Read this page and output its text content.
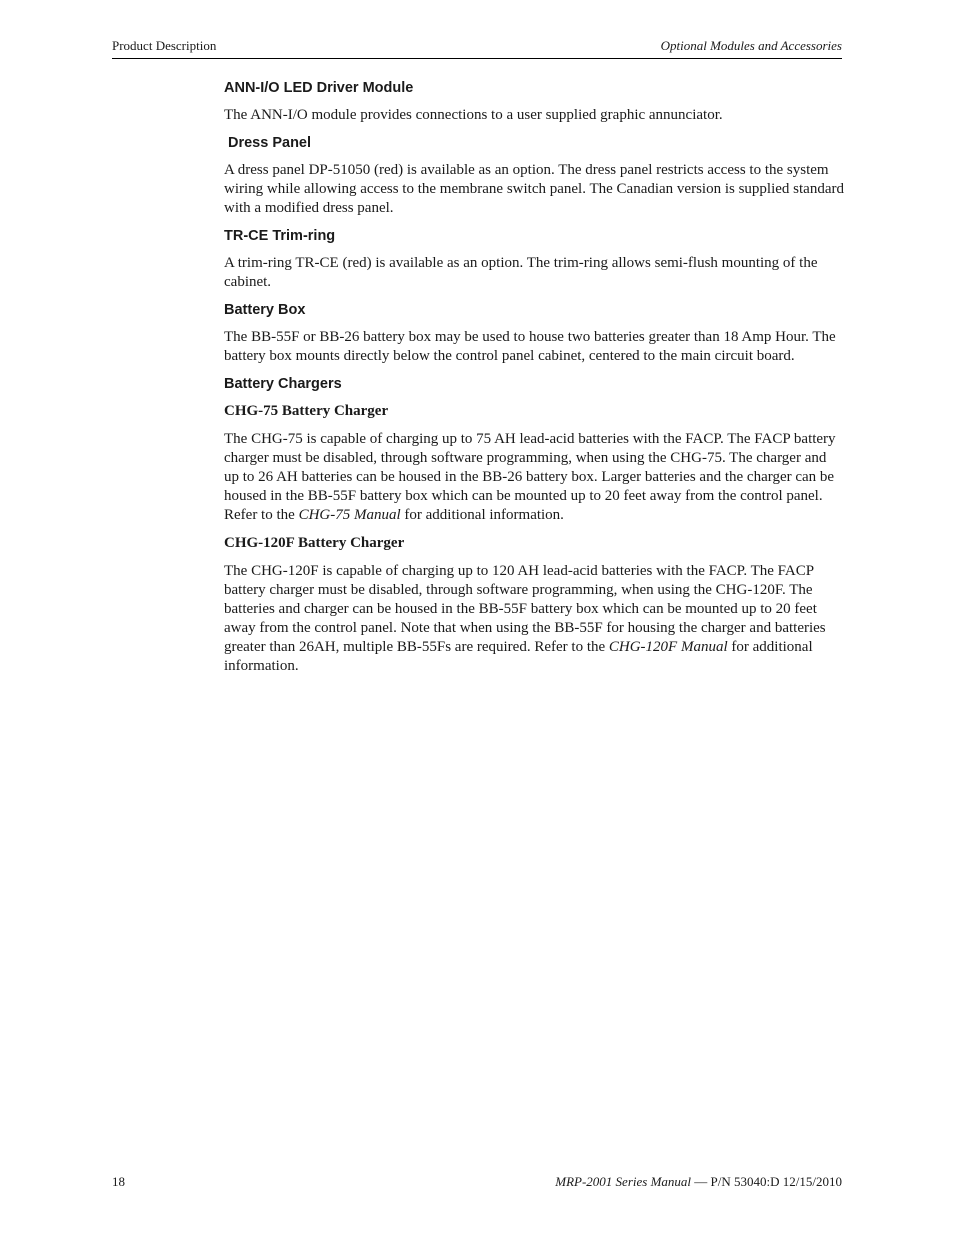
Product Description	Optional Modules and Accessories
ANN-I/O LED Driver Module

The ANN-I/O module provides connections to a user supplied graphic annunciator.

Dress Panel

A dress panel DP-51050 (red) is available as an option. The dress panel restricts access to the system wiring while allowing access to the membrane switch panel. The Canadian version is supplied standard with a modified dress panel.

TR-CE Trim-ring

A trim-ring TR-CE (red) is available as an option. The trim-ring allows semi-flush mounting of the cabinet.

Battery Box

The BB-55F or BB-26 battery box may be used to house two batteries greater than 18 Amp Hour. The battery box mounts directly below the control panel cabinet, centered to the main circuit board.

Battery Chargers
CHG-75 Battery Charger

The CHG-75 is capable of charging up to 75 AH lead-acid batteries with the FACP. The FACP battery charger must be disabled, through software programming, when using the CHG-75. The charger and up to 26 AH batteries can be housed in the BB-26 battery box. Larger batteries and the charger can be housed in the BB-55F battery box which can be mounted up to 20 feet away from the control panel. Refer to the CHG-75 Manual for additional information.

CHG-120F Battery Charger

The CHG-120F is capable of charging up to 120 AH lead-acid batteries with the FACP. The FACP battery charger must be disabled, through software programming, when using the CHG-120F. The batteries and charger can be housed in the BB-55F battery box which can be mounted up to 20 feet away from the control panel. Note that when using the BB-55F for housing the charger and batteries greater than 26AH, multiple BB-55Fs are required. Refer to the CHG-120F Manual for additional information.

18	MRP-2001 Series Manual — P/N 53040:D 12/15/2010
